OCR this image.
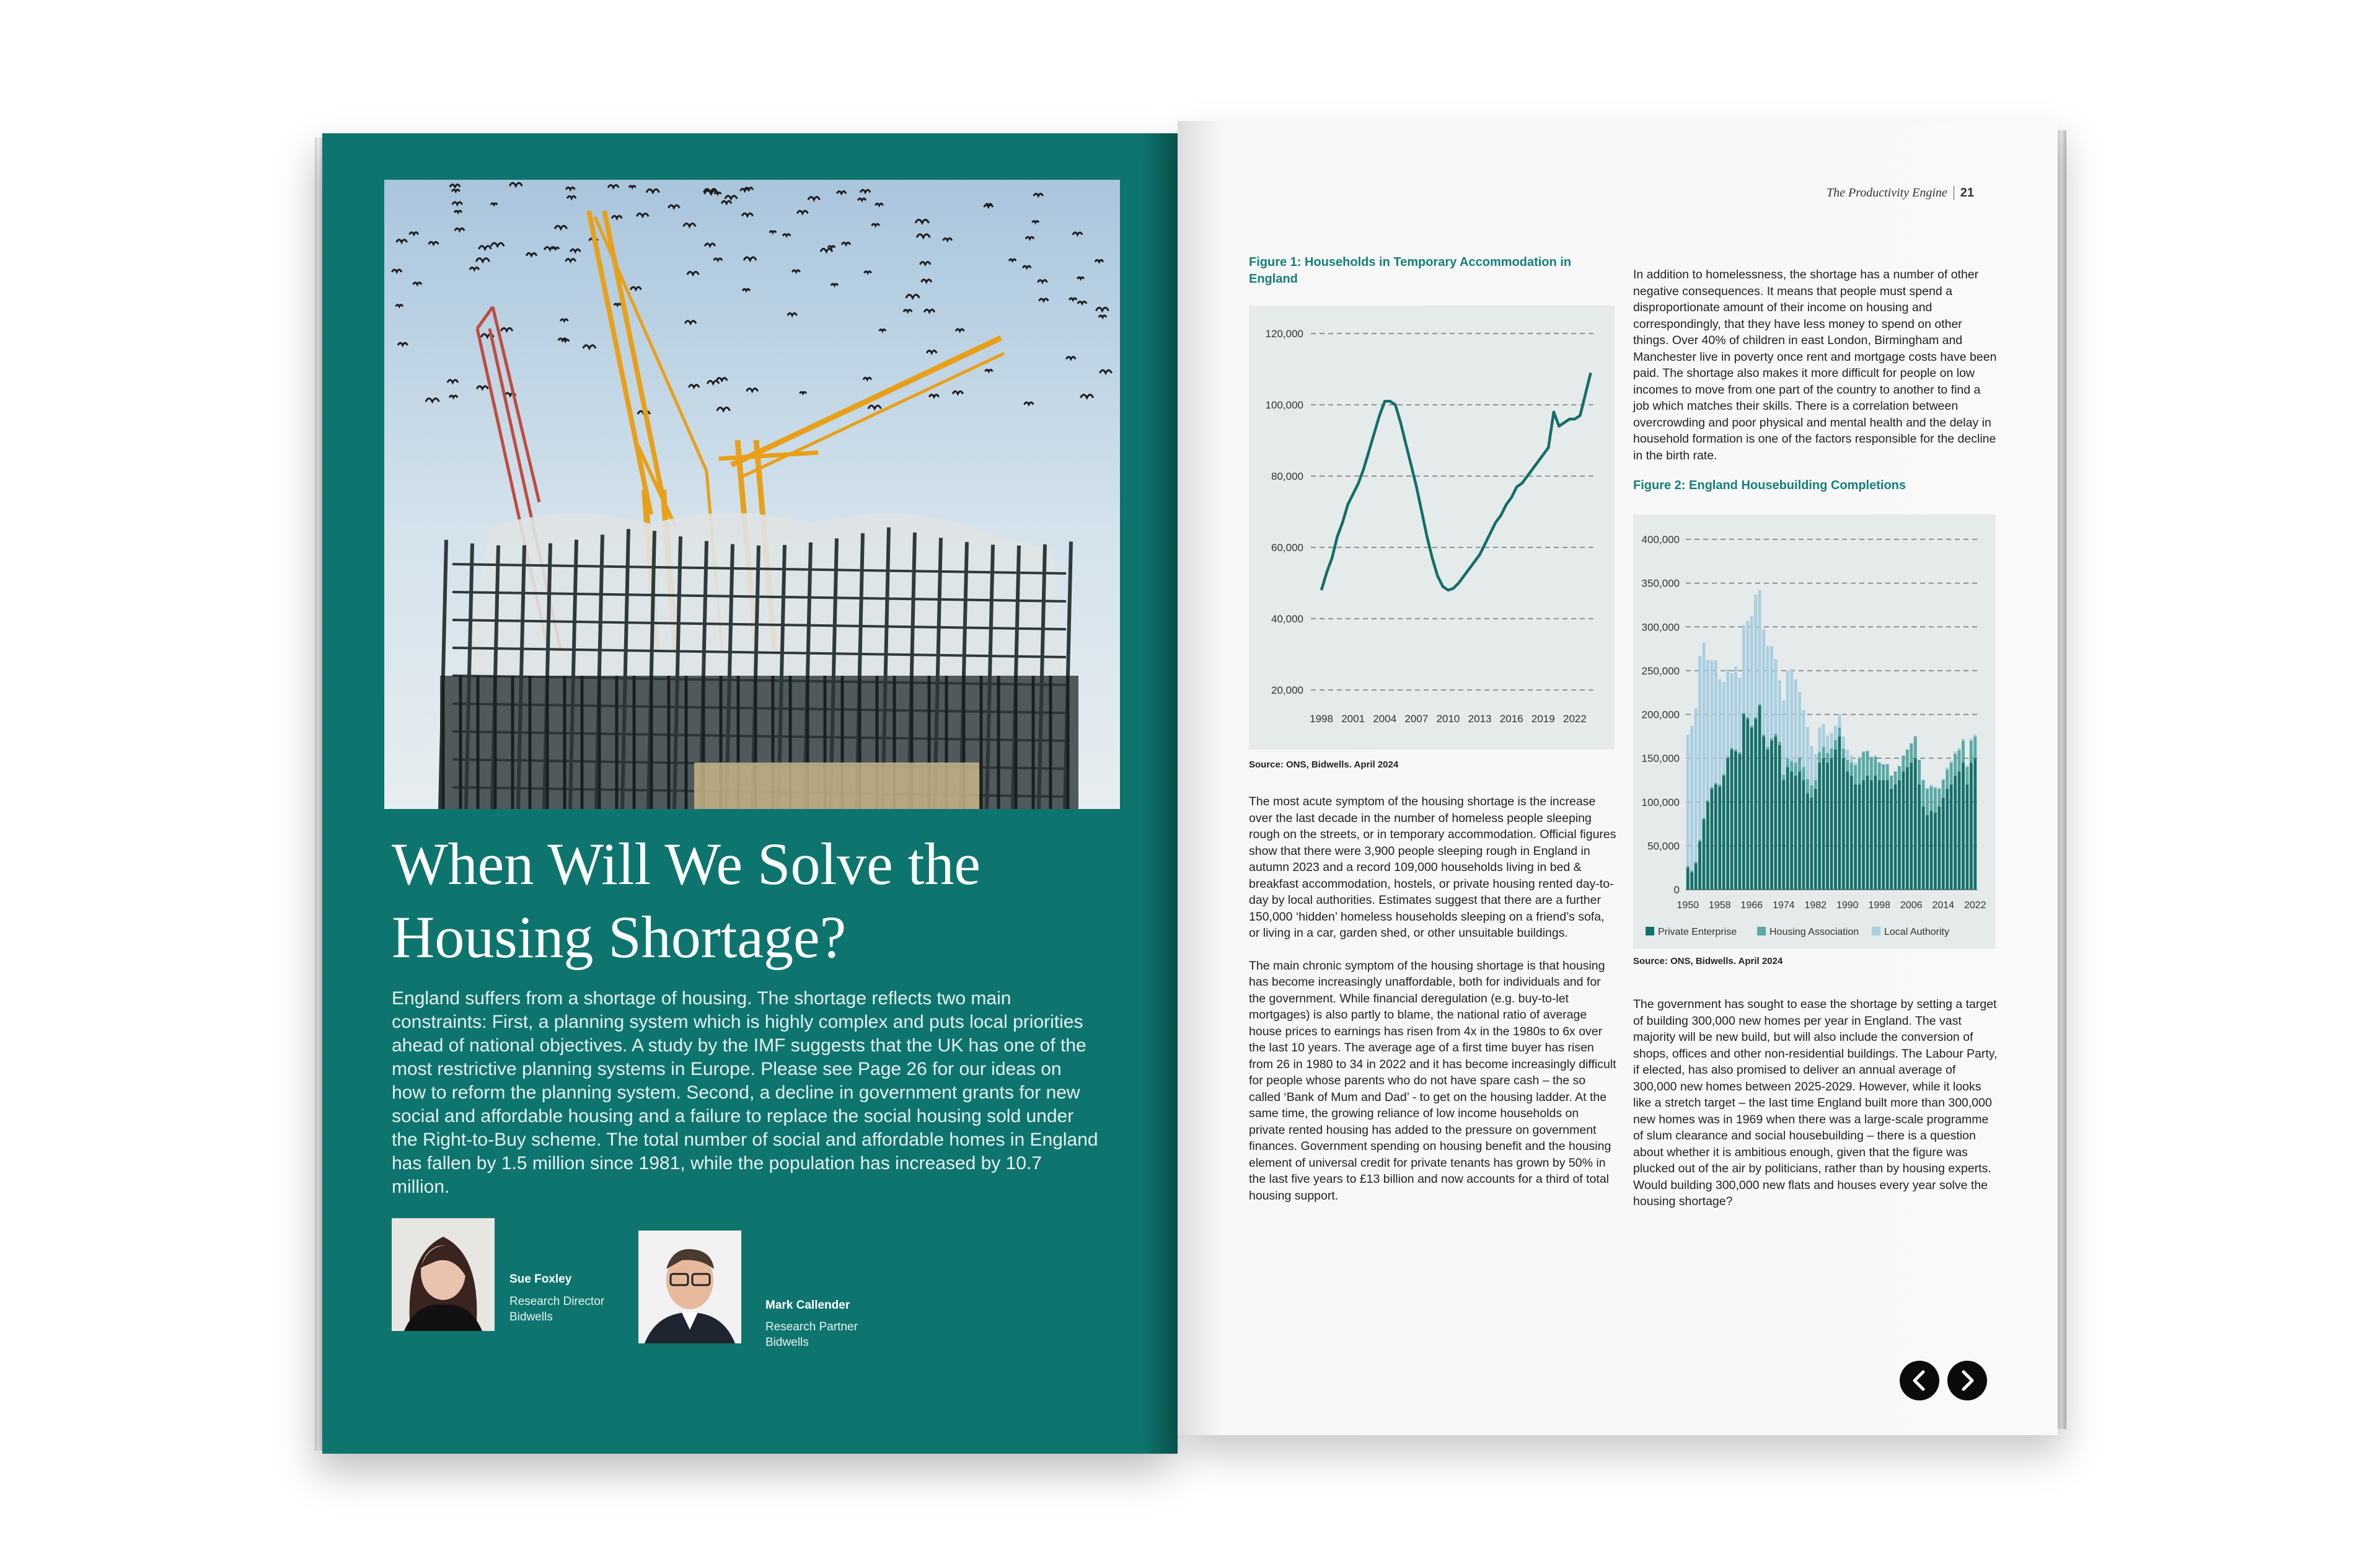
When Will We Solve the
Housing Shortage?

England suffers from a shortage of housing. The shortage reflects two main constraints: First, a planning system which is highly complex and puts local priorities ahead of national objectives. A study by the IMF suggests that the UK has one of the most restrictive planning systems in Europe. Please see Page 26 for our ideas on how to reform the planning system. Second, a decline in government grants for new social and affordable housing and a failure to replace the social housing sold under the Right-to-Buy scheme. The total number of social and affordable homes in England has fallen by 1.5 million since 1981, while the population has increased by 10.7 million.

Sue Foxley
Research Director
Bidwells
Mark Callender
Research Partner
Bidwells
The Productivity Engine 21
Figure 1: Households in Temporary Accommodation in
England
20,000
40,000
60,000
80,000
100,000
120,000
1998 2001 2004 2007 2010 2013 2016 2019 2022
Source: ONS, Bidwells. April 2024
Figure 2: England Housebuilding Completions
0
50,000
100,000
150,000
200,000
250,000
300,000
350,000
400,000
1950 1958 1966 1974 1982 1990 1998 2006 2014 2022
Private Enterprise	Housing Association	Local Authority
Source: ONS, Bidwells. April 2024

The most acute symptom of the housing shortage is the increase over the last decade in the number of homeless people sleeping rough on the streets, or in temporary accommodation. Official figures show that there were 3,900 people sleeping rough in England in autumn 2023 and a record 109,000 households living in bed & breakfast accommodation, hostels, or private housing rented day-to-day by local authorities. Estimates suggest that there are a further 150,000 ‘hidden’ homeless households sleeping on a friend’s sofa, or living in a car, garden shed, or other unsuitable buildings.

The main chronic symptom of the housing shortage is that housing has become increasingly unaffordable, both for individuals and for the government. While financial deregulation (e.g. buy-to-let mortgages) is also partly to blame, the national ratio of average house prices to earnings has risen from 4x in the 1980s to 6x over the last 10 years. The average age of a first time buyer has risen from 26 in 1980 to 34 in 2022 and it has become increasingly difficult for people whose parents who do not have spare cash – the so called ‘Bank of Mum and Dad’ - to get on the housing ladder. At the same time, the growing reliance of low income households on private rented housing has added to the pressure on government finances. Government spending on housing benefit and the housing element of universal credit for private tenants has grown by 50% in the last five years to £13 billion and now accounts for a third of total housing support.

In addition to homelessness, the shortage has a number of other negative consequences. It means that people must spend a disproportionate amount of their income on housing and correspondingly, that they have less money to spend on other things. Over 40% of children in east London, Birmingham and Manchester live in poverty once rent and mortgage costs have been paid. The shortage also makes it more difficult for people on low incomes to move from one part of the country to another to find a job which matches their skills. There is a correlation between overcrowding and poor physical and mental health and the delay in household formation is one of the factors responsible for the decline in the birth rate.

The government has sought to ease the shortage by setting a target of building 300,000 new homes per year in England. The vast majority will be new build, but will also include the conversion of shops, offices and other non-residential buildings. The Labour Party, if elected, has also promised to deliver an annual average of 300,000 new homes between 2025-2029. However, while it looks like a stretch target – the last time England built more than 300,000 new homes was in 1969 when there was a large-scale programme of slum clearance and social housebuilding – there is a question about whether it is ambitious enough, given that the figure was plucked out of the air by politicians, rather than by housing experts. Would building 300,000 new flats and houses every year solve the housing shortage?
